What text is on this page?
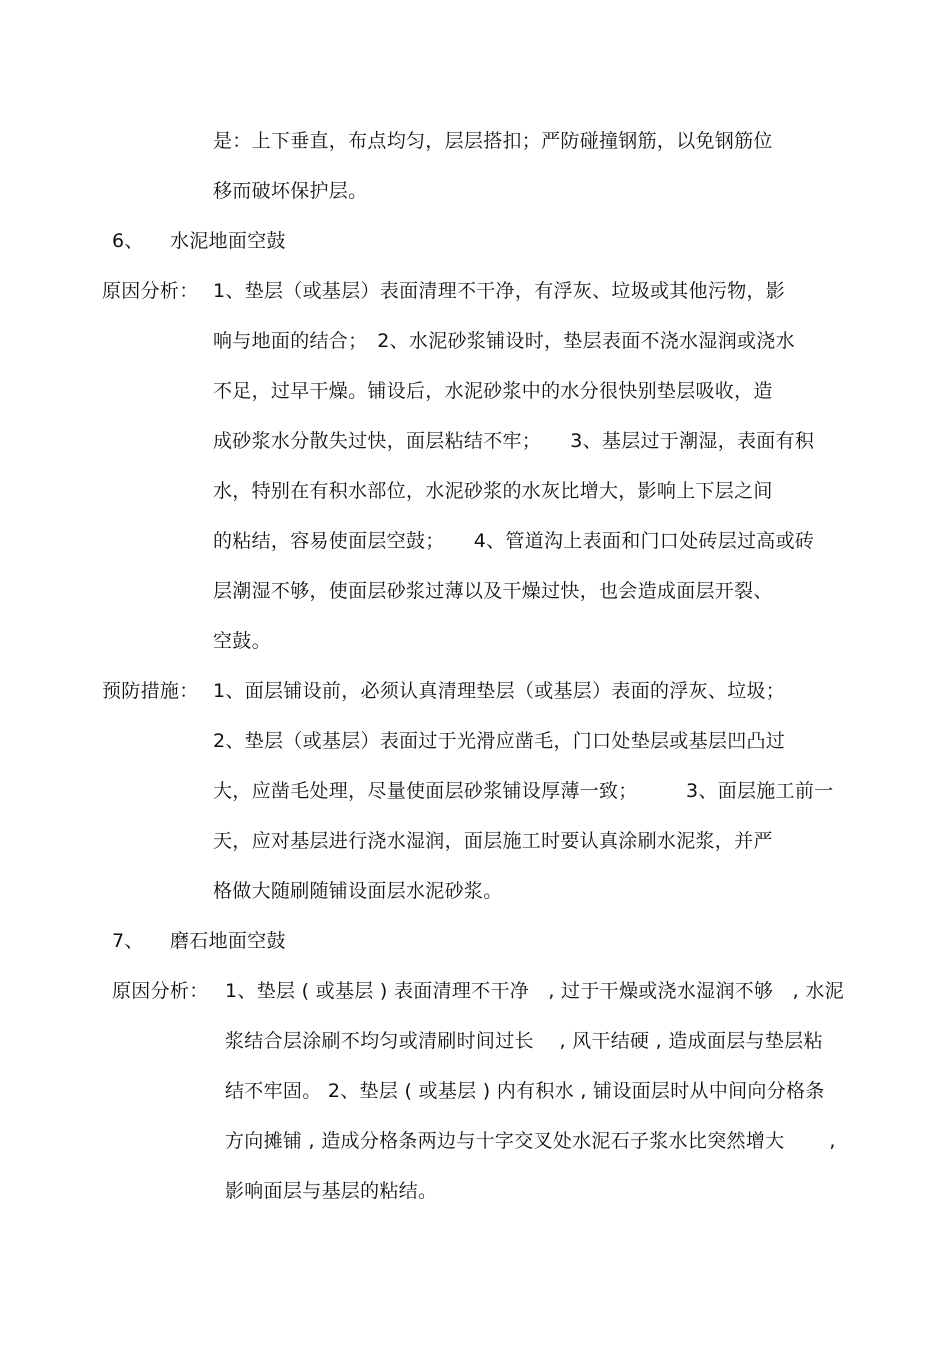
是：上下垂直，布点均匀，层层搭扣；严防碰撞钢筋，以免钢筋位
移而破坏保护层。
6、 水泥地面空鼓
原因分析： 1、垫层（或基层）表面清理不干净，有浮灰、垃圾或其他污物，影
响与地面的结合；　2、水泥砂浆铺设时，垫层表面不浇水湿润或浇水
不足，过早干燥。铺设后，水泥砂浆中的水分很快别垫层吸收，造
成砂浆水分散失过快，面层粘结不牢；　　3、基层过于潮湿，表面有积
水，特别在有积水部位，水泥砂浆的水灰比增大，影响上下层之间
的粘结，容易使面层空鼓；　　4、管道沟上表面和门口处砖层过高或砖
层潮湿不够，使面层砂浆过薄以及干燥过快，也会造成面层开裂、
空鼓。
预防措施： 1、面层铺设前，必须认真清理垫层（或基层）表面的浮灰、垃圾；
2、垫层（或基层）表面过于光滑应凿毛，门口处垫层或基层凹凸过
大，应凿毛处理，尽量使面层砂浆铺设厚薄一致；　　　3、面层施工前一
天，应对基层进行浇水湿润，面层施工时要认真涂刷水泥浆，并严
格做大随刷随铺设面层水泥砂浆。
7、 磨石地面空鼓
原因分析： 1、垫层 ( 或基层 ) 表面清理不干净　, 过于干燥或浇水湿润不够　, 水泥
浆结合层涂刷不均匀或清刷时间过长　 , 风干结硬 , 造成面层与垫层粘
结不牢固。 2、垫层 ( 或基层 ) 内有积水 , 铺设面层时从中间向分格条
方向摊铺 , 造成分格条两边与十字交叉处水泥石子浆水比突然增大　　 ,
影响面层与基层的粘结。
